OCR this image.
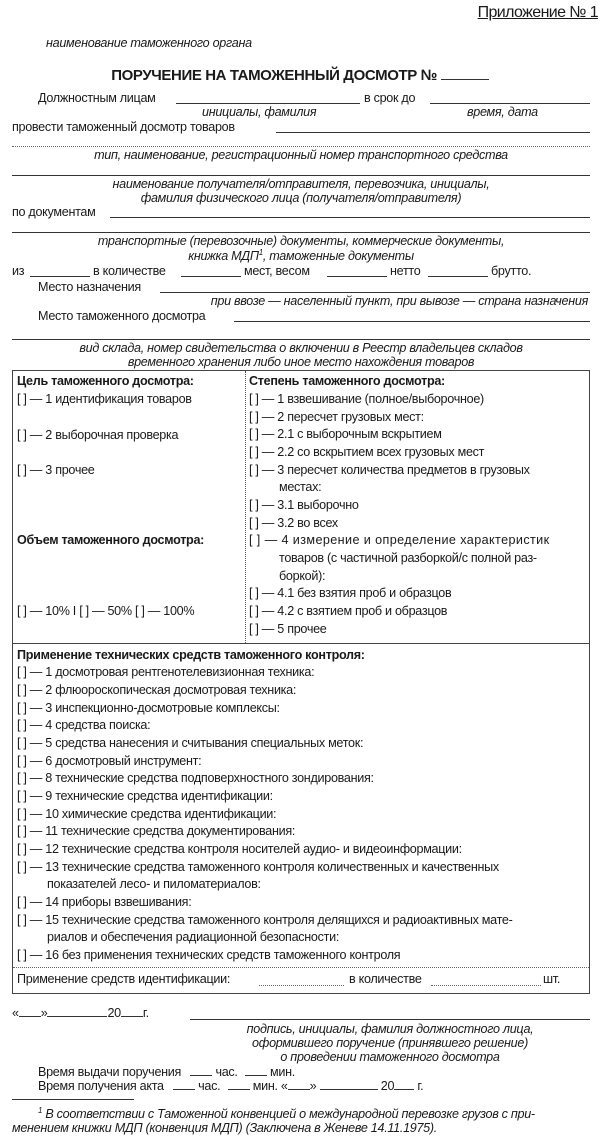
Приложение № 1
наименование таможенного органа
ПОРУЧЕНИЕ НА ТАМОЖЕННЫЙ ДОСМОТР №
Должностным лицам	в срок до
инициалы, фамилия	время, дата
провести таможенный досмотр товаров
тип, наименование, регистрационный номер транспортного средства
наименование получателя/отправителя, перевозчика, инициалы,
фамилия физического лица (получателя/отправителя)
по документам
транспортные (перевозочные) документы, коммерческие документы,
книжка МДП$^1$, таможенные документы
из	в количестве	мест, весом	нетто	брутто.
Место назначения
при ввозе — населенный пункт, при вывозе — страна назначения
Место таможенного досмотра
вид склада, номер свидетельства о включении в Реестр владельцев складов
временного хранения либо иное место нахождения товаров
Цель таможенного досмотра:
[ ] — 1 идентификация товаров
[ ] — 2 выборочная проверка
[ ] — 3 прочее
Объем таможенного досмотра:
[ ] — 10% I [ ] — 50% [ ] — 100%
Степень таможенного досмотра:
[ ] — 1 взвешивание (полное/выборочное)
[ ] — 2 пересчет грузовых мест:
[ ] — 2.1 с выборочным вскрытием
[ ] — 2.2 со вскрытием всех грузовых мест
[ ] — 3 пересчет количества предметов в грузовых
местах:
[ ] — 3.1 выборочно
[ ] — 3.2 во всех
[ ] — 4 измерение и определение характеристик
товаров (с частичной разборкой/с полной раз-
боркой):
[ ] — 4.1 без взятия проб и образцов
[ ] — 4.2 с взятием проб и образцов
[ ] — 5 прочее
Применение технических средств таможенного контроля:
[ ] — 1 досмотровая рентгенотелевизионная техника:
[ ] — 2 флюороскопическая досмотровая техника:
[ ] — 3 инспекционно-досмотровые комплексы:
[ ] — 4 средства поиска:
[ ] — 5 средства нанесения и считывания специальных меток:
[ ] — 6 досмотровый инструмент:
[ ] — 8 технические средства подповерхностного зондирования:
[ ] — 9 технические средства идентификации:
[ ] — 10 химические средства идентификации:
[ ] — 11 технические средства документирования:
[ ] — 12 технические средства контроля носителей аудио- и видеоинформации:
[ ] — 13 технические средства таможенного контроля количественных и качественных
показателей лесо- и пиломатериалов:
[ ] — 14 приборы взвешивания:
[ ] — 15 технические средства таможенного контроля делящихся и радиоактивных мате-
риалов и обеспечения радиационной безопасности:
[ ] — 16 без применения технических средств таможенного контроля
Применение средств идентификации:	в количестве	шт.
« »	20 г.
подпись, инициалы, фамилия должностного лица,
оформившего поручение (принявшего решение)
о проведении таможенного досмотра
Время выдачи поручения	час.	мин.
Время получения акта	час.	мин. « »	20 г.
$^1$ В соответствии с Таможенной конвенцией о международной перевозке грузов с при-
менением книжки МДП (конвенция МДП) (Заключена в Женеве 14.11.1975).
